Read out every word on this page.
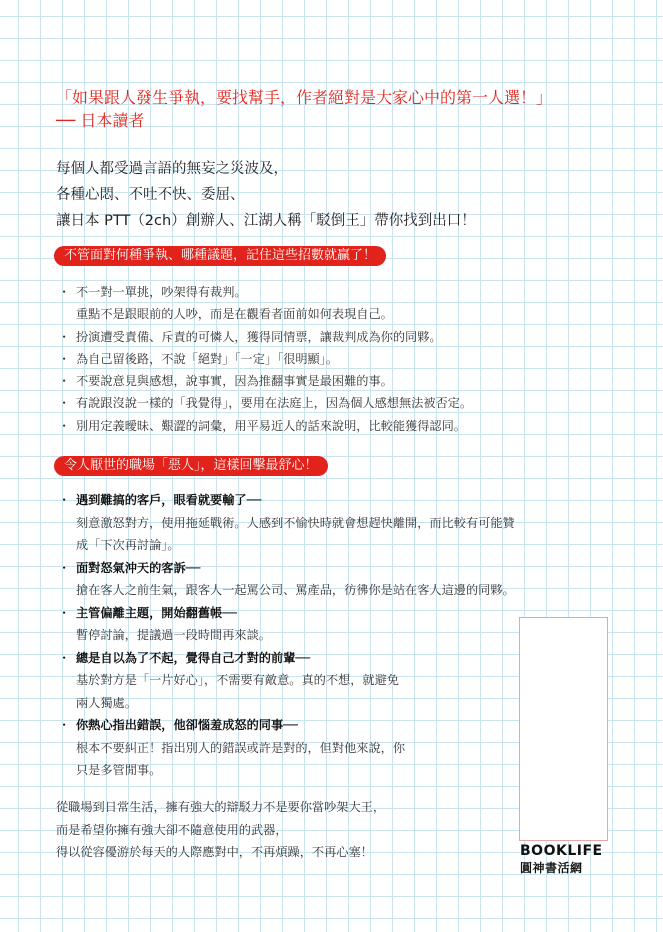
「如果跟人發生爭執，要找幫手，作者絕對是大家心中的第一人選！」
── 日本讀者
每個人都受過言語的無妄之災波及，
各種心悶、不吐不快、委屈、
讓日本 PTT（2ch）創辦人、江湖人稱「駁倒王」帶你找到出口！
不管面對何種爭執、哪種議題，記住這些招數就贏了！
・ 不一對一單挑，吵架得有裁判。
重點不是跟眼前的人吵，而是在觀看者面前如何表現自己。
・ 扮演遭受責備、斥責的可憐人，獲得同情票，讓裁判成為你的同夥。
・ 為自己留後路，不說「絕對」「一定」「很明顯」。
・ 不要說意見與感想，說事實，因為推翻事實是最困難的事。
・ 有說跟沒說一樣的「我覺得」，要用在法庭上，因為個人感想無法被否定。
・ 別用定義曖昧、艱澀的詞彙，用平易近人的話來說明，比較能獲得認同。
令人厭世的職場「惡人」，這樣回擊最舒心！
・ 遇到難搞的客戶，眼看就要輸了──
刻意激怒對方，使用拖延戰術。人感到不愉快時就會想趕快離開，而比較有可能贊
成「下次再討論」。
・ 面對怒氣沖天的客訴──
搶在客人之前生氣，跟客人一起罵公司、罵產品，彷彿你是站在客人這邊的同夥。
・ 主管偏離主題，開始翻舊帳──
暫停討論，提議過一段時間再來談。
・ 總是自以為了不起，覺得自己才對的前輩──
基於對方是「一片好心」，不需要有敵意。真的不想，就避免
兩人獨處。
・ 你熱心指出錯誤，他卻惱羞成怒的同事──
根本不要糾正！指出別人的錯誤或許是對的，但對他來說，你
只是多管閒事。
從職場到日常生活，擁有強大的辯駁力不是要你當吵架大王，
而是希望你擁有強大卻不隨意使用的武器，
得以從容優游於每天的人際應對中，不再煩躁，不再心塞！	BOOKLIFE
圓神書活網
